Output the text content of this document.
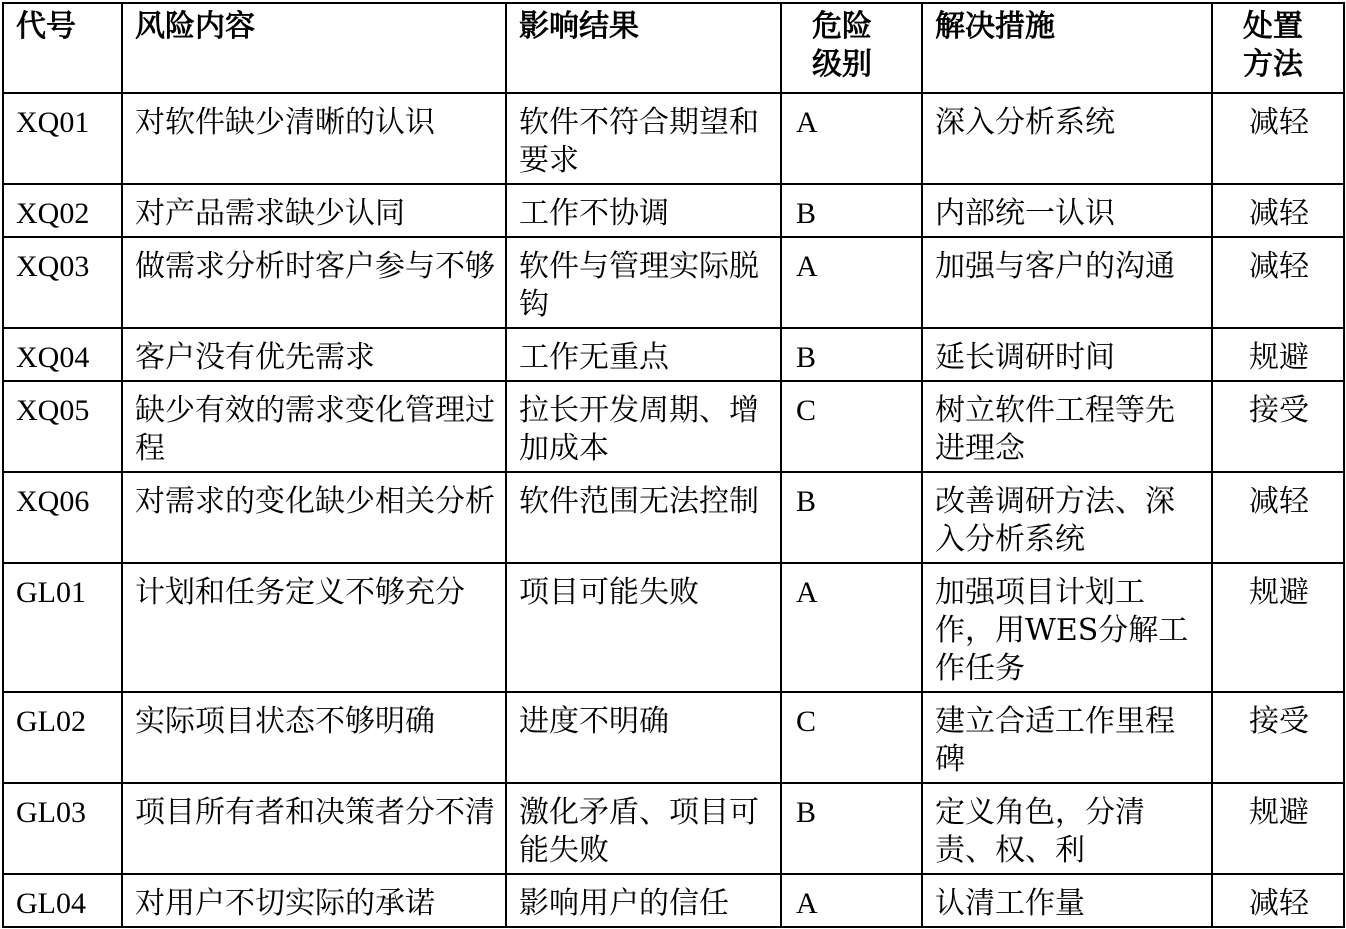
代号	风险内容	影响结果	危险级别	解决措施	处置方法
XQ01	对软件缺少清晰的认识	软件不符合期望和要求	A	深入分析系统	减轻
XQ02	对产品需求缺少认同	工作不协调	B	内部统一认识	减轻
XQ03	做需求分析时客户参与不够	软件与管理实际脱钩	A	加强与客户的沟通	减轻
XQ04	客户没有优先需求	工作无重点	B	延长调研时间	规避
XQ05	缺少有效的需求变化管理过程	拉长开发周期、增加成本	C	树立软件工程等先进理念	接受
XQ06	对需求的变化缺少相关分析	软件范围无法控制	B	改善调研方法、深入分析系统	减轻
GL01	计划和任务定义不够充分	项目可能失败	A	加强项目计划工作，用WES分解工作任务	规避
GL02	实际项目状态不够明确	进度不明确	C	建立合适工作里程碑	接受
GL03	项目所有者和决策者分不清	激化矛盾、项目可能失败	B	定义角色，分清责、权、利	规避
GL04	对用户不切实际的承诺	影响用户的信任	A	认清工作量	减轻
